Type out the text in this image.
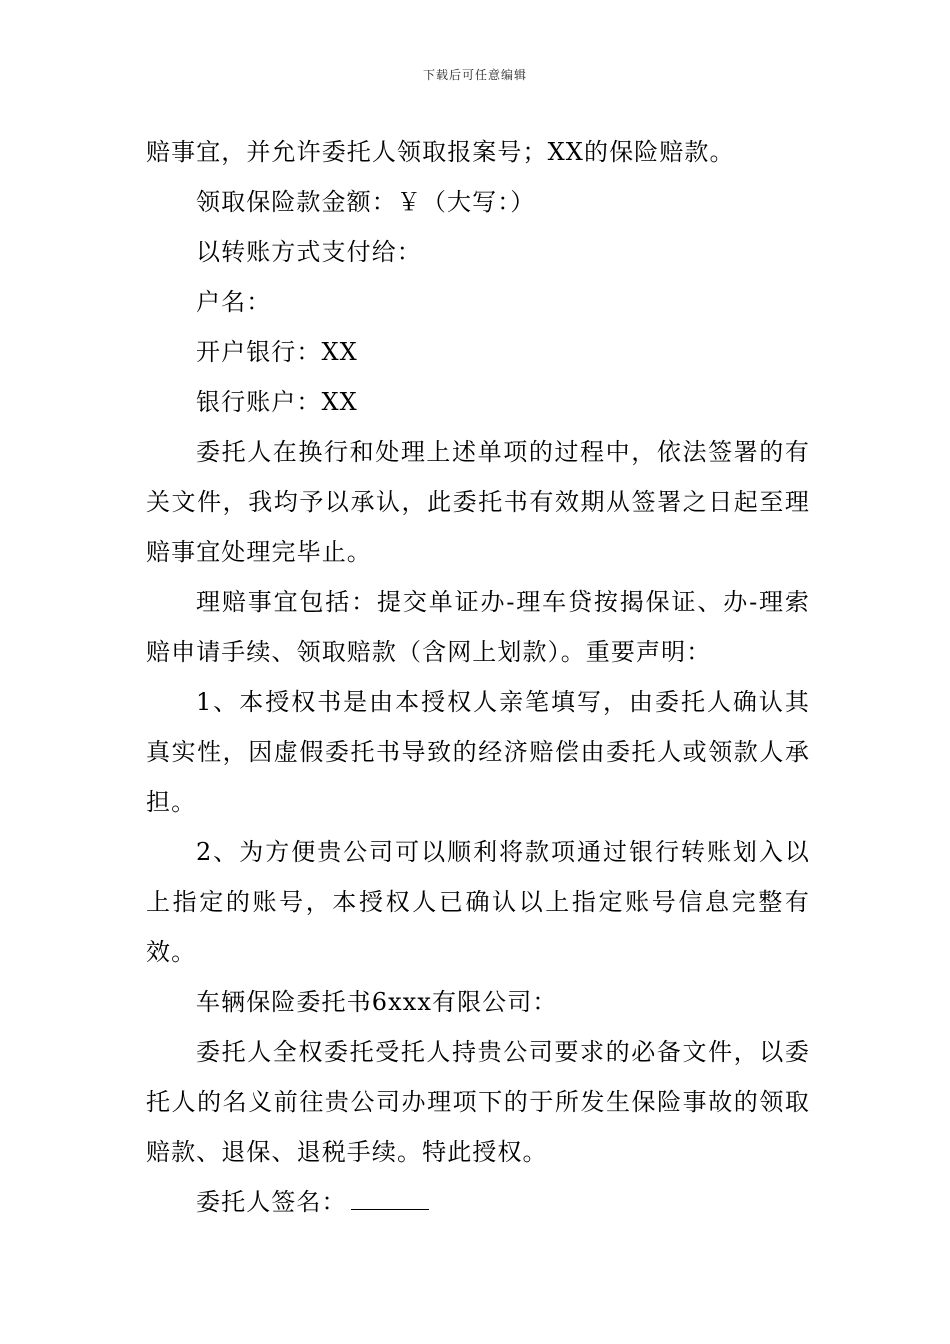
下载后可任意编辑

赔事宜，并允许委托人领取报案号；XX的保险赔款。

领取保险款金额：￥（大写：）

以转账方式支付给：

户名：

开户银行：XX

银行账户：XX

委托人在换行和处理上述单项的过程中，依法签署的有关文件，我均予以承认，此委托书有效期从签署之日起至理赔事宜处理完毕止。

理赔事宜包括：提交单证办-理车贷按揭保证、办-理索赔申请手续、领取赔款（含网上划款）。重要声明：

1、本授权书是由本授权人亲笔填写，由委托人确认其真实性，因虚假委托书导致的经济赔偿由委托人或领款人承担。

2、为方便贵公司可以顺利将款项通过银行转账划入以上指定的账号，本授权人已确认以上指定账号信息完整有效。

车辆保险委托书6xxx有限公司：

委托人全权委托受托人持贵公司要求的必备文件，以委托人的名义前往贵公司办理项下的于所发生保险事故的领取赔款、退保、退税手续。特此授权。

委托人签名：
